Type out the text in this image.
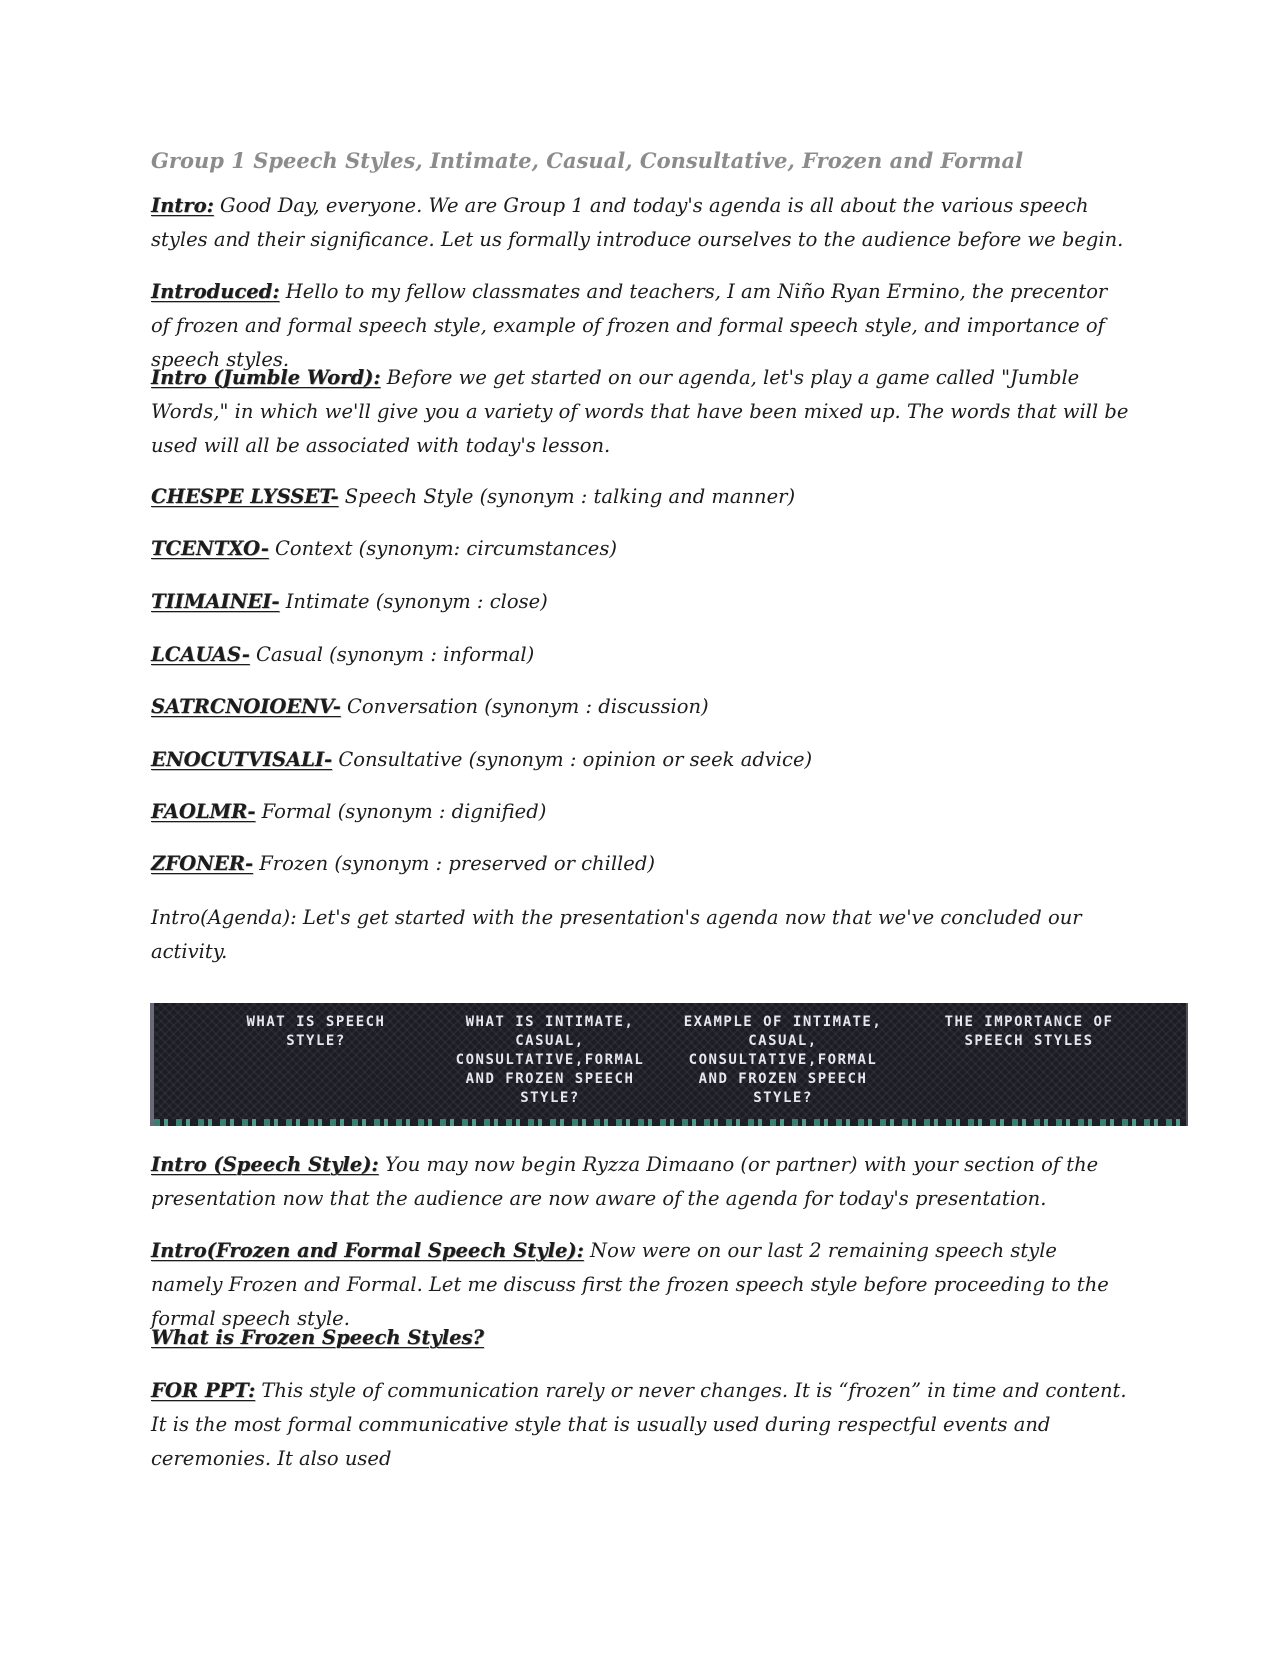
Group 1 Speech Styles, Intimate, Casual, Consultative, Frozen and Formal
Intro: Good Day, everyone. We are Group 1 and today's agenda is all about the various speech styles and their significance. Let us formally introduce ourselves to the audience before we begin.
Introduced: Hello to my fellow classmates and teachers, I am Niño Ryan Ermino, the precentor of frozen and formal speech style, example of frozen and formal speech style, and importance of speech styles.
Intro (Jumble Word): Before we get started on our agenda, let's play a game called "Jumble Words," in which we'll give you a variety of words that have been mixed up. The words that will be used will all be associated with today's lesson.
CHESPE LYSSET- Speech Style (synonym : talking and manner)
TCENTXO- Context (synonym: circumstances)
TIIMAINEI- Intimate (synonym : close)
LCAUAS- Casual (synonym : informal)
SATRCNOIOENV- Conversation (synonym : discussion)
ENOCUTVISALI- Consultative (synonym : opinion or seek advice)
FAOLMR- Formal (synonym : dignified)
ZFONER- Frozen (synonym : preserved or chilled)
Intro(Agenda): Let's get started with the presentation's agenda now that we've concluded our activity.
WHAT IS SPEECH STYLE?
WHAT IS INTIMATE, CASUAL, CONSULTATIVE,FORMAL AND FROZEN SPEECH STYLE?
EXAMPLE OF INTIMATE, CASUAL, CONSULTATIVE,FORMAL AND FROZEN SPEECH STYLE?
THE IMPORTANCE OF SPEECH STYLES
Intro (Speech Style): You may now begin Ryzza Dimaano (or partner) with your section of the presentation now that the audience are now aware of the agenda for today's presentation.
Intro(Frozen and Formal Speech Style): Now were on our last 2 remaining speech style namely Frozen and Formal. Let me discuss first the frozen speech style before proceeding to the formal speech style.
What is Frozen Speech Styles?
FOR PPT: This style of communication rarely or never changes. It is “frozen” in time and content. It is the most formal communicative style that is usually used during respectful events and ceremonies. It also used
